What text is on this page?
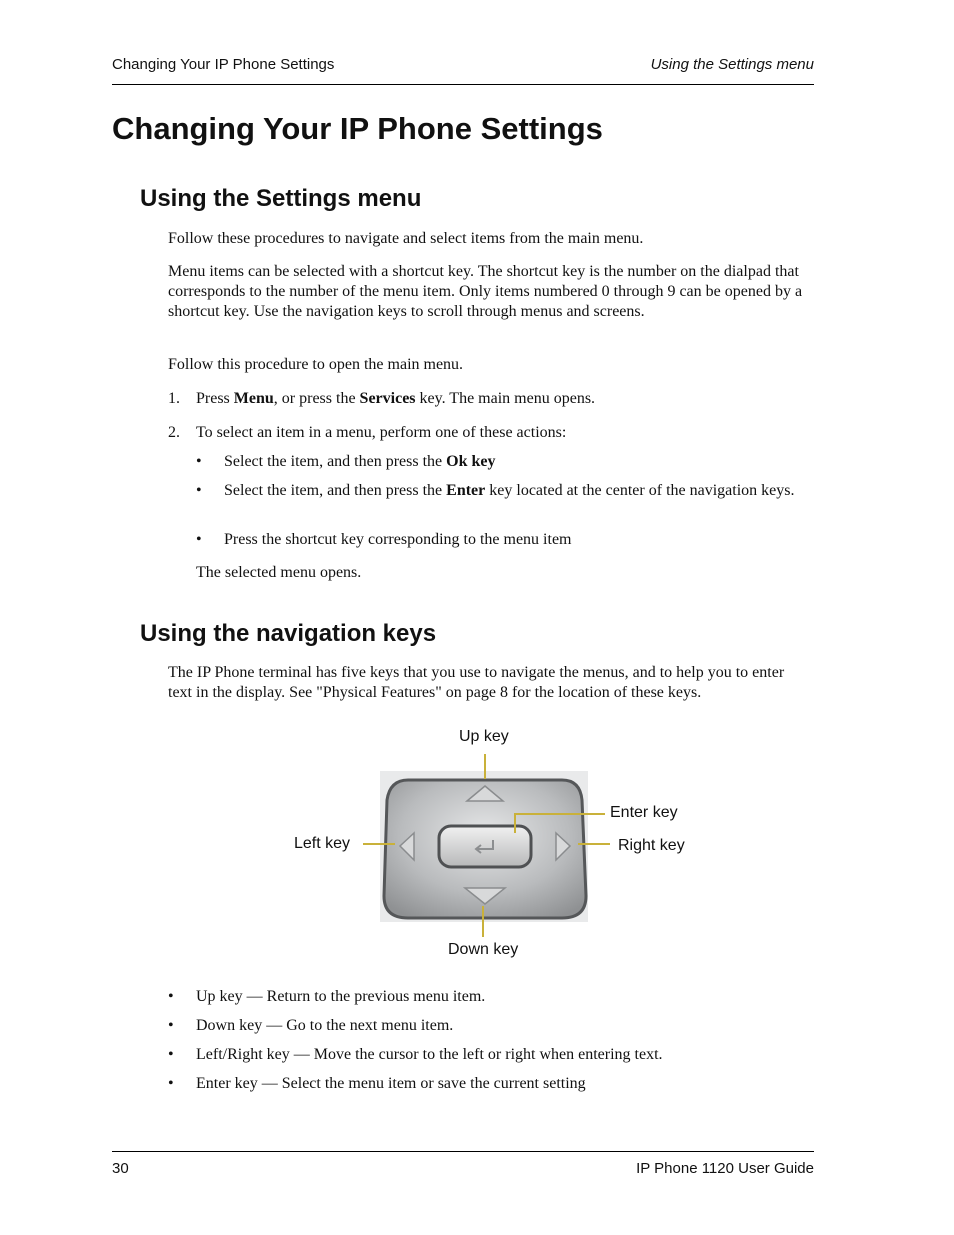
Changing Your IP Phone Settings	Using the Settings menu
Changing Your IP Phone Settings
Using the Settings menu

Follow these procedures to navigate and select items from the main menu.

Menu items can be selected with a shortcut key. The shortcut key is the number on the dialpad that corresponds to the number of the menu item. Only items numbered 0 through 9 can be opened by a shortcut key. Use the navigation keys to scroll through menus and screens.

Follow this procedure to open the main menu.

1. Press Menu, or press the Services key. The main menu opens.
2. To select an item in a menu, perform one of these actions:
• Select the item, and then press the Ok key
• Select the item, and then press the Enter key located at the center of the navigation keys.
• Press the shortcut key corresponding to the menu item

The selected menu opens.

Using the navigation keys

The IP Phone terminal has five keys that you use to navigate the menus, and to help you to enter text in the display. See "Physical Features" on page 8 for the location of these keys.

Up key
Enter key
Left key	Right key
Down key
• Up key — Return to the previous menu item.
• Down key — Go to the next menu item.
• Left/Right key — Move the cursor to the left or right when entering text.
• Enter key — Select the menu item or save the current setting
30	IP Phone 1120 User Guide
